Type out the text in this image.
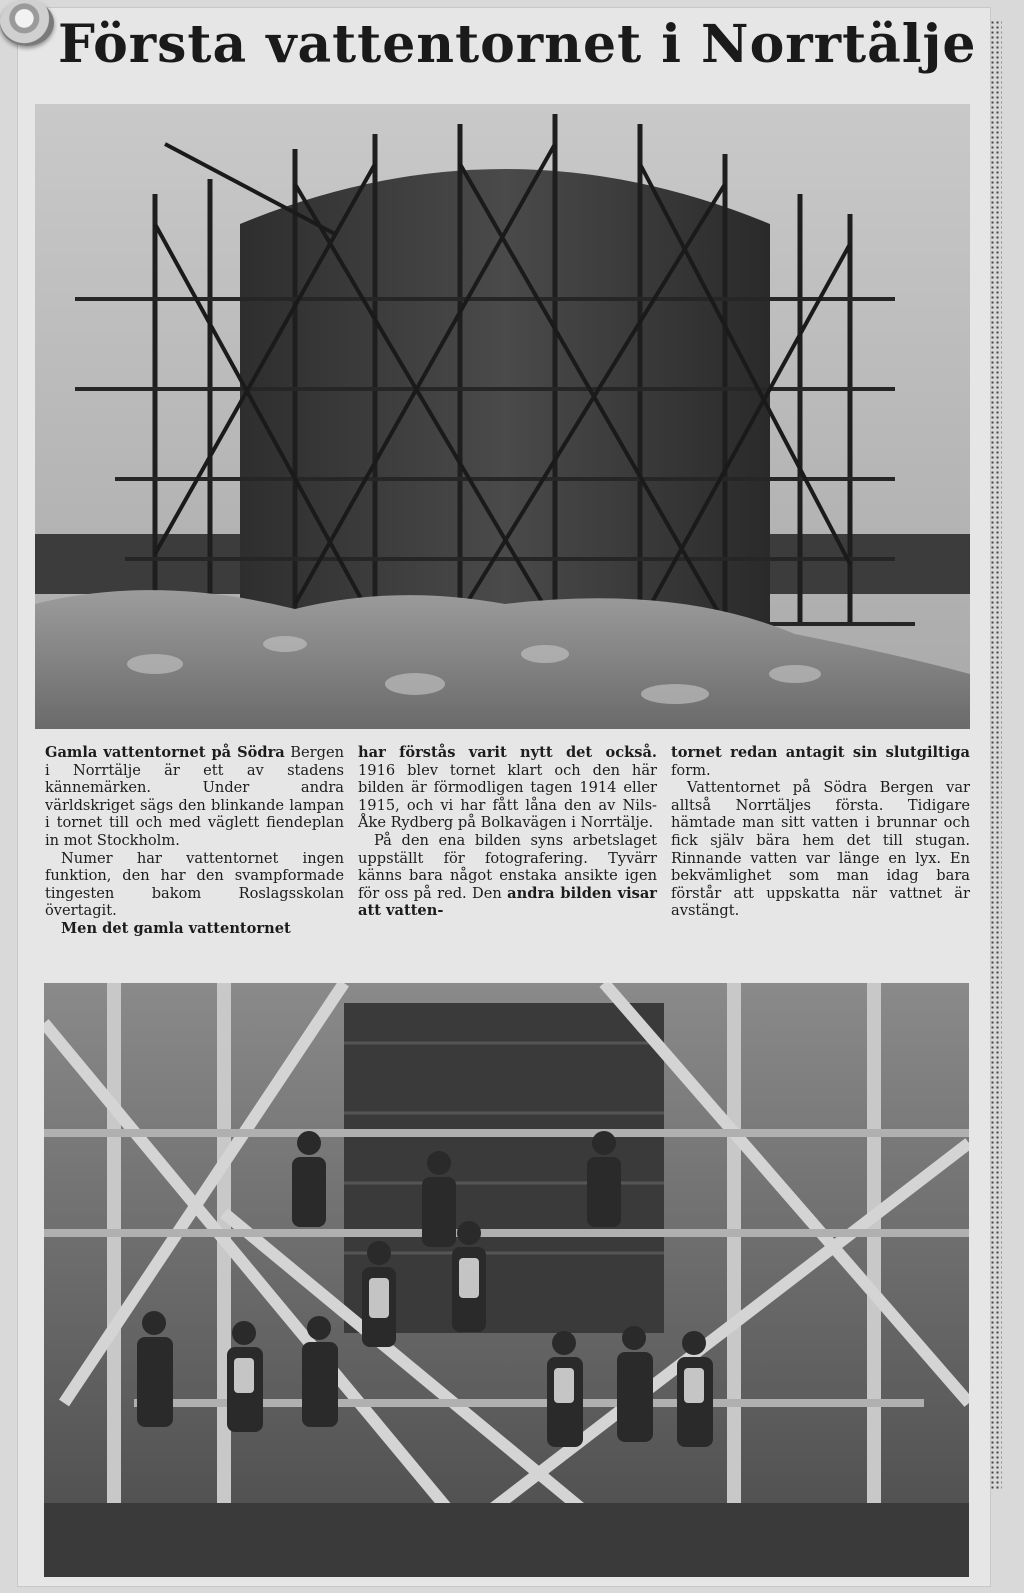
Första vattentornet i Norrtälje

Gamla vattentornet på Södra Bergen i Norrtälje är ett av stadens kännemärken. Under andra världskriget sägs den blinkande lampan i tornet till och med väglett fiendeplan in mot Stockholm.

Numer har vattentornet ingen funktion, den har den svampformade tingesten bakom Roslagsskolan övertagit.

Men det gamla vattentornet

har förstås varit nytt det också. 1916 blev tornet klart och den här bilden är förmodligen tagen 1914 eller 1915, och vi har fått låna den av Nils-Åke Rydberg på Bolkavägen i Norrtälje.

På den ena bilden syns arbetslaget uppställt för fotografering. Tyvärr känns bara något enstaka ansikte igen för oss på red. Den andra bilden visar att vatten-

tornet redan antagit sin slutgiltiga form.

Vattentornet på Södra Bergen var alltså Norrtäljes första. Tidigare hämtade man sitt vatten i brunnar och fick själv bära hem det till stugan. Rinnande vatten var länge en lyx. En bekvämlighet som man idag bara förstår att uppskatta när vattnet är avstängt.
